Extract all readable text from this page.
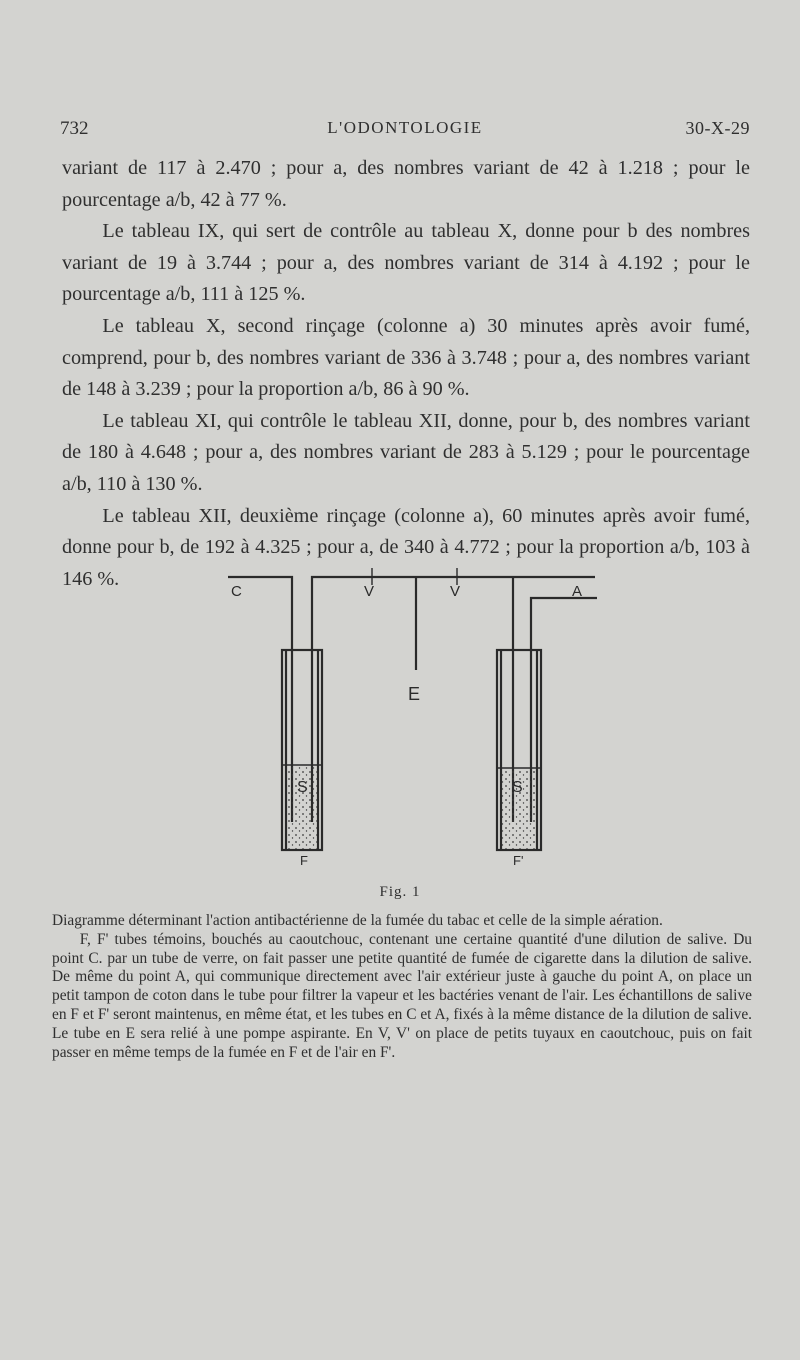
732	L'ODONTOLOGIE	30-X-29

variant de 117 à 2.470 ; pour a, des nombres variant de 42 à 1.218 ; pour le pourcentage a/b, 42 à 77 %.

Le tableau IX, qui sert de contrôle au tableau X, donne pour b des nombres variant de 19 à 3.744 ; pour a, des nombres variant de 314 à 4.192 ; pour le pourcentage a/b, 111 à 125 %.

Le tableau X, second rinçage (colonne a) 30 minutes après avoir fumé, comprend, pour b, des nombres variant de 336 à 3.748 ; pour a, des nombres variant de 148 à 3.239 ; pour la proportion a/b, 86 à 90 %.

Le tableau XI, qui contrôle le tableau XII, donne, pour b, des nombres variant de 180 à 4.648 ; pour a, des nombres variant de 283 à 5.129 ; pour le pourcentage a/b, 110 à 130 %.

Le tableau XII, deuxième rinçage (colonne a), 60 minutes après avoir fumé, donne pour b, de 192 à 4.325 ; pour a, de 340 à 4.772 ; pour la proportion a/b, 103 à 146 %.

C	V	V	A
E
S	S
F	F'
Fig. 1

Diagramme déterminant l'action antibactérienne de la fumée du tabac et celle de la simple aération.

F, F' tubes témoins, bouchés au caoutchouc, contenant une certaine quantité d'une dilution de salive. Du point C. par un tube de verre, on fait passer une petite quantité de fumée de cigarette dans la dilution de salive. De même du point A, qui communique directement avec l'air extérieur juste à gauche du point A, on place un petit tampon de coton dans le tube pour filtrer la vapeur et les bactéries venant de l'air. Les échantillons de salive en F et F' seront maintenus, en même état, et les tubes en C et A, fixés à la même distance de la dilution de salive. Le tube en E sera relié à une pompe aspirante. En V, V' on place de petits tuyaux en caoutchouc, puis on fait passer en même temps de la fumée en F et de l'air en F'.
